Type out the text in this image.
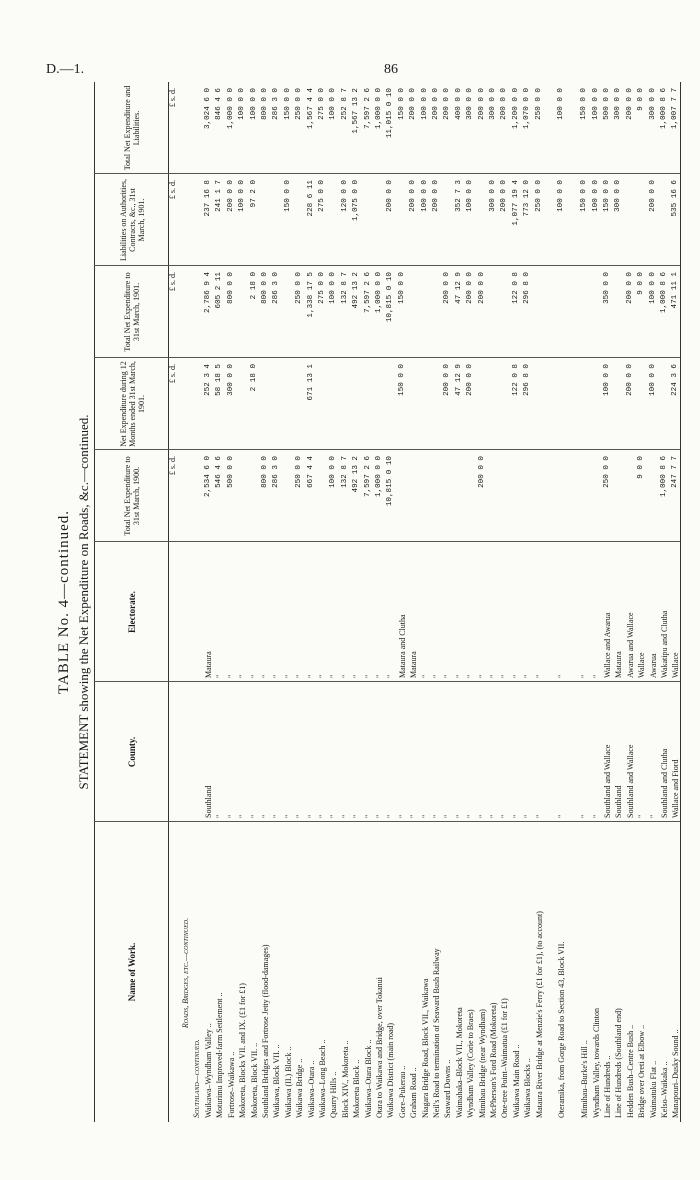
D.—1.	86
TABLE No. 4—continued. STATEMENT showing the Net Expenditure on Roads, &c.—continued.
Name of Work.
County.
Electorate.
Total Net Expenditure to 31st March, 1900.
Net Expenditure during 12 Months ended 31st March, 1901.
Total Net Expenditure to 31st March, 1901.
Liabilities on Authorities, Contracts, &c., 31st March, 1901.
Total Net Expenditure and Liabilities.
£ s. d.
£ s. d.
£ s. d.
£ s. d.
£ s. d.
Roads, Bridges, etc.—continued.
Southland—continued. Waikawa–Wyndham Valley ..
Southland
Mataura
2,534 6 0
252 3 4
2,786 9 4
237 16 8
3,024 6 0
Moturimu Improved-farm Settlement ..
"
"
546 4 6
58 18 5
605 2 11
241 1 7
846 4 6
Fortrose–Waikawa ..
"
"
500 0 0
300 0 0
800 0 0
200 0 0
1,000 0 0
Mokoreta, Blocks VII. and IX. (£1 for £1)
"
"
100 0 0
100 0 0
Mokoreta, Block VII. ..
"
"
2 18 0
2 18 0
97 2 0
100 0 0
Southland Bridges and Fortrose Jetty (flood-damages)
"
"
800 0 0
800 0 0
800 0 0
Waikawa, Block VII. ..
"
"
286 3 0
286 3 0
286 3 0
Waikawa (II.) Block ..
"
"
150 0 0
150 0 0
Waikawa Bridge ..
"
"
250 0 0
250 0 0
250 0 0
Waikawa–Otara ..
"
"
667 4 4
671 13 1
1,338 17 5
228 6 11
1,567 4 4
Waikawa–Long Beach ..
"
"
275 0 0
275 0 0
275 0 0
Quarry Hills ..
"
"
100 0 0
100 0 0
100 0 0
Block XIV., Mokoreta ..
"
"
132 8 7
132 8 7
120 0 0
252 8 7
Mokoreta Block ..
"
"
492 13 2
492 13 2
1,075 0 0
1,567 13 2
Waikawa–Otara Block ..
"
"
7,597 2 6
7,597 2 6
7,597 2 6
Otara to Waikawa and Bridge, over Tokanui
"
"
1,000 0 0
1,000 0 0
1,000 0 0
Waikawa District (main road)
"
"
10,815 0 10
10,815 0 10
200 0 0
11,015 0 10
Gore–Pukerau ..
"
Mataura and Clutha
150 0 0
150 0 0
150 0 0
Graham Road ..
"
Mataura
200 0 0
200 0 0
Niagara Bridge Road, Block VII., Waikawa
"
"
100 0 0
100 0 0
Neil's Road to termination of Seaward Bush Railway
"
"
200 0 0
200 0 0
Seaward Downs ..
"
"
200 0 0
200 0 0
200 0 0
Waimahaka–Block VII., Mokoreta
"
"
47 12 9
47 12 9
352 7 3
400 0 0
Wyndham Valley (Corie to Braes)
"
"
200 0 0
200 0 0
100 0 0
300 0 0
Mimihau Bridge (near Wyndham)
"
"
200 0 0
200 0 0
200 0 0
McPherson's Ford Road (Mokoreta)
"
"
300 0 0
300 0 0
One-tree Point–Waimatua (£1 for £1)
"
"
200 0 0
200 0 0
Waikawa Main Road ..
"
"
122 0 8
122 0 8
1,077 19 4
1,200 0 0
Waikawa Blocks ..
"
"
296 8 0
296 8 0
773 12 0
1,070 0 0
Mataura River Bridge at Menzie's Ferry (£1 for £1), (to account)
"
"
250 0 0
250 0 0
Oteramika, from Gorge Road to Section 43, Block VII.
"
"
100 0 0
100 0 0
Mimihau–Burke's Hill ..
"
"
150 0 0
150 0 0
Wyndham Valley, towards Clinton
"
"
100 0 0
100 0 0
Line of Hundreds ..
Southland and Wallace
Wallace and Awarua
250 0 0
100 0 0
350 0 0
150 0 0
500 0 0
Line of Hundreds (Southland end)
Southland
Mataura
300 0 0
300 0 0
Hedden Bush–Centre Bush ..
Southland and Wallace
Awarua and Wallace
200 0 0
200 0 0
200 0 0
Bridge over Oreti at Elbow ..
"
Wallace
9 0 0
9 0 0
9 0 0
Waimatuku Flat ..
"
Awarua
100 0 0
100 0 0
200 0 0
300 0 0
Kelso–Waikaka ..
Southland and Clutha
Wakatipu and Clutha
1,000 8 6
1,000 8 6
1,000 8 6
Manapouri–Dusky Sound ..
Wallace and Fiord
Wallace
247 7 7
224 3 6
471 11 1
535 16 6
1,007 7 7
